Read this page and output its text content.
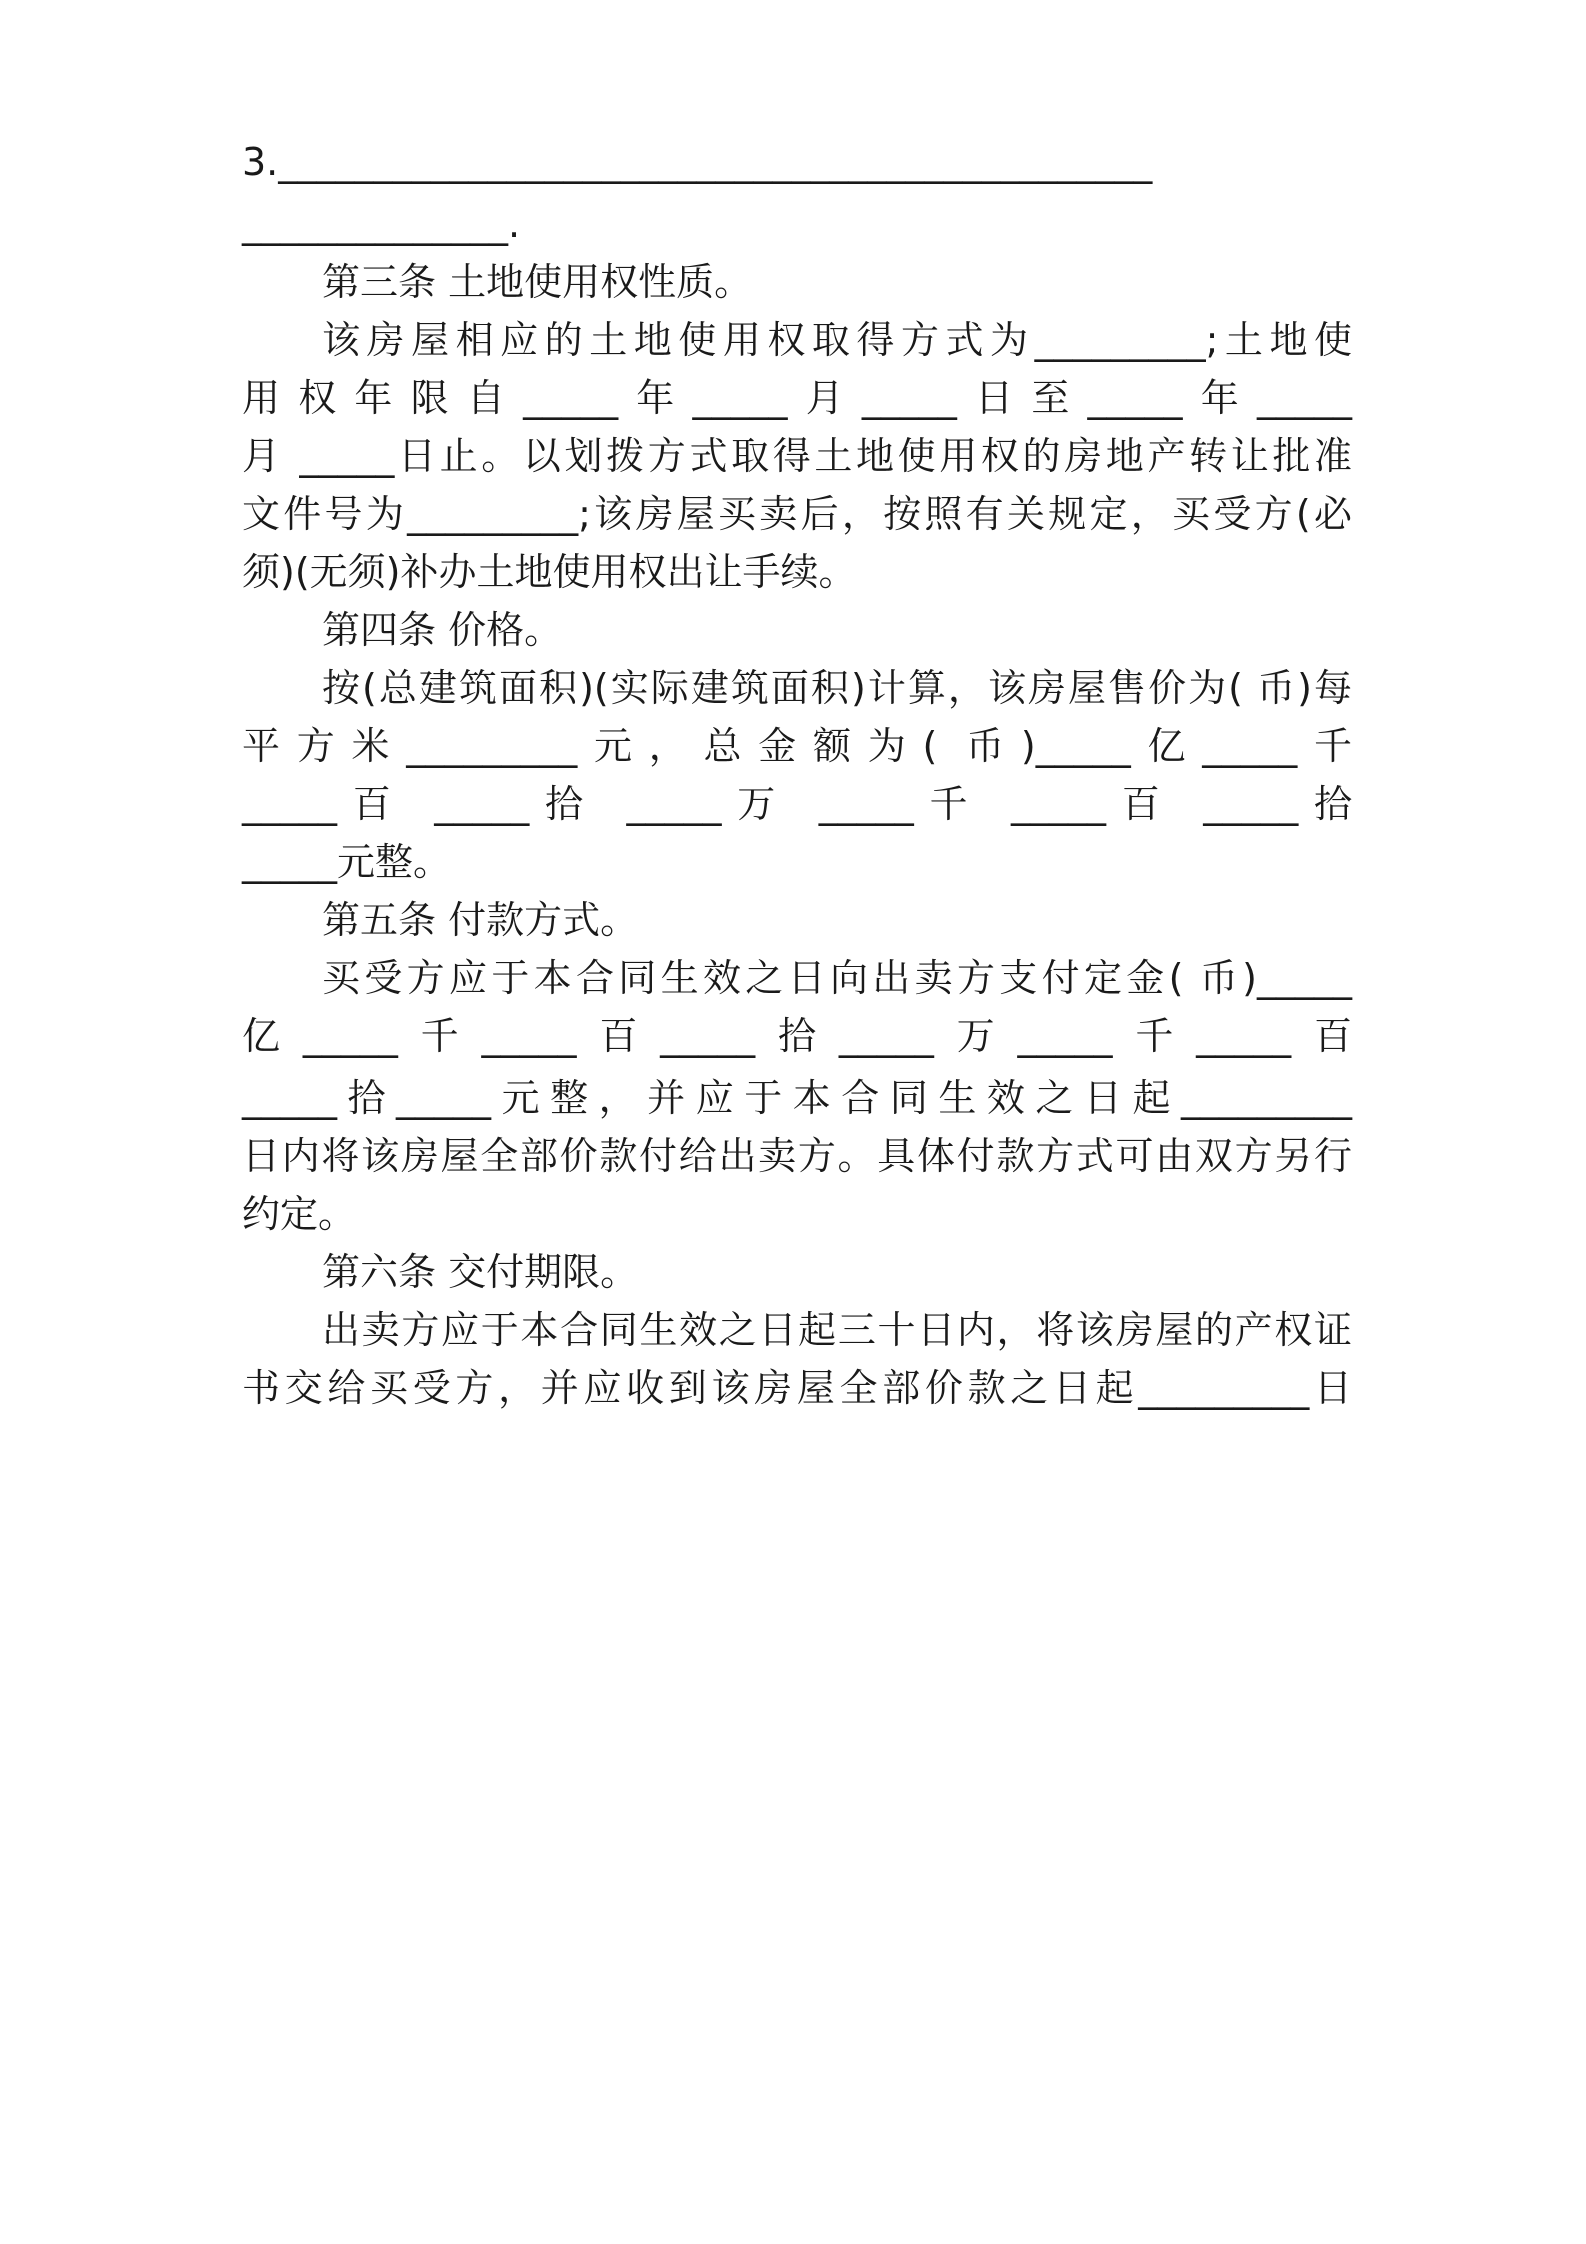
3.______________________________________________

______________.

第三条 土地使用权性质。

该房屋相应的土地使用权取得方式为_________;土地使

用权年限自_____年_____月_____日至_____年_____

月 _____日止。以划拨方式取得土地使用权的房地产转让批准

文件号为_________;该房屋买卖后，按照有关规定，买受方(必

须)(无须)补办土地使用权出让手续。

第四条 价格。

按(总建筑面积)(实际建筑面积)计算，该房屋售价为( 币)每

平方米_________元，总金额为( 币)_____亿_____千

_____百 _____拾 _____万 _____千 _____百 _____拾

_____元整。

第五条 付款方式。

买受方应于本合同生效之日向出卖方支付定金( 币)_____

亿_____千_____百_____拾_____万_____千_____百

_____拾_____元整，并应于本合同生效之日起_________

日内将该房屋全部价款付给出卖方。具体付款方式可由双方另行

约定。

第六条 交付期限。

出卖方应于本合同生效之日起三十日内，将该房屋的产权证

书交给买受方，并应收到该房屋全部价款之日起_________日
